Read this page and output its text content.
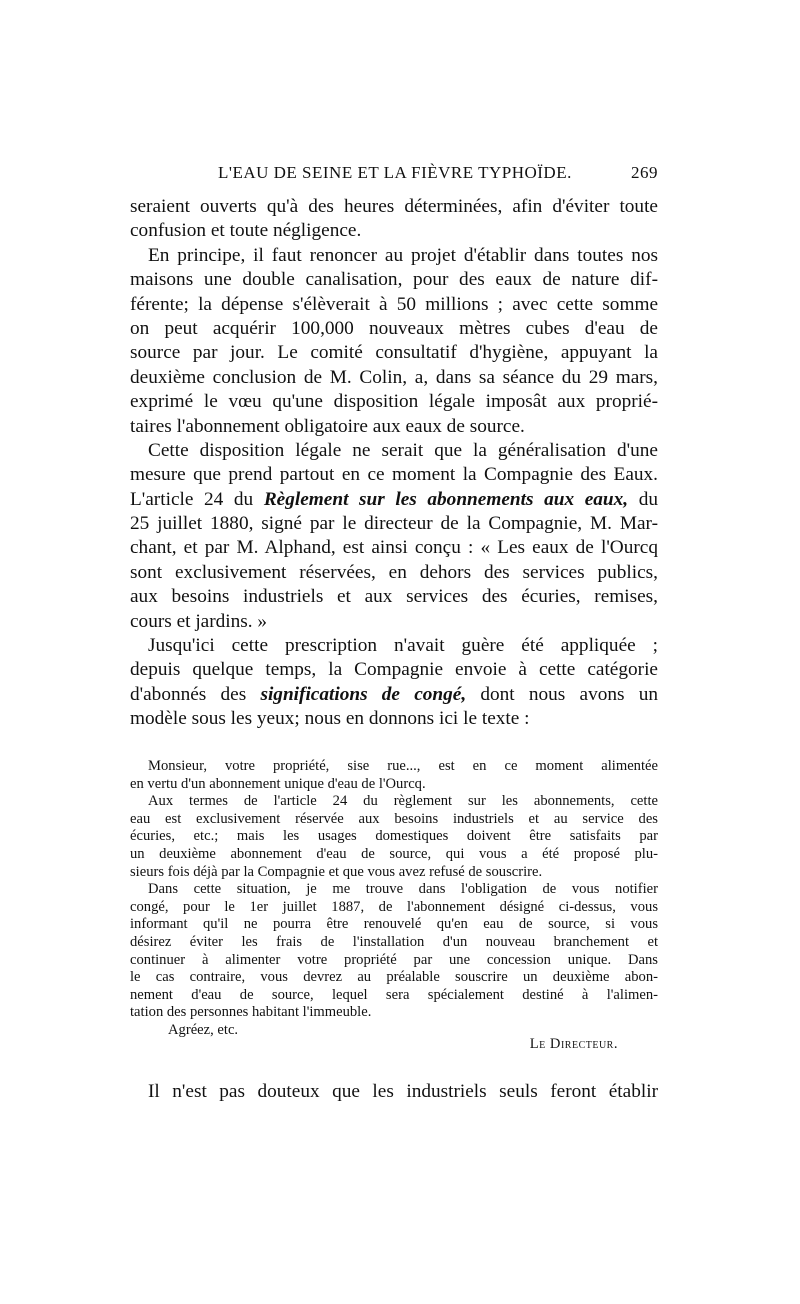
L'EAU DE SEINE ET LA FIÈVRE TYPHOÏDE.	269
seraient ouverts qu'à des heures déterminées, afin d'éviter toute
confusion et toute négligence.
En principe, il faut renoncer au projet d'établir dans toutes nos
maisons une double canalisation, pour des eaux de nature dif-
férente; la dépense s'élèverait à 50 millions ; avec cette somme
on peut acquérir 100,000 nouveaux mètres cubes d'eau de
source par jour. Le comité consultatif d'hygiène, appuyant la
deuxième conclusion de M. Colin, a, dans sa séance du 29 mars,
exprimé le vœu qu'une disposition légale imposât aux proprié-
taires l'abonnement obligatoire aux eaux de source.
Cette disposition légale ne serait que la généralisation d'une
mesure que prend partout en ce moment la Compagnie des Eaux.
L'article 24 du Règlement sur les abonnements aux eaux, du
25 juillet 1880, signé par le directeur de la Compagnie, M. Mar-
chant, et par M. Alphand, est ainsi conçu : « Les eaux de l'Ourcq
sont exclusivement réservées, en dehors des services publics,
aux besoins industriels et aux services des écuries, remises,
cours et jardins. »
Jusqu'ici cette prescription n'avait guère été appliquée ;
depuis quelque temps, la Compagnie envoie à cette catégorie
d'abonnés des significations de congé, dont nous avons un
modèle sous les yeux; nous en donnons ici le texte :
Monsieur, votre propriété, sise rue..., est en ce moment alimentée
en vertu d'un abonnement unique d'eau de l'Ourcq.
Aux termes de l'article 24 du règlement sur les abonnements, cette
eau est exclusivement réservée aux besoins industriels et au service des
écuries, etc.; mais les usages domestiques doivent être satisfaits par
un deuxième abonnement d'eau de source, qui vous a été proposé plu-
sieurs fois déjà par la Compagnie et que vous avez refusé de souscrire.
Dans cette situation, je me trouve dans l'obligation de vous notifier
congé, pour le 1er juillet 1887, de l'abonnement désigné ci-dessus, vous
informant qu'il ne pourra être renouvelé qu'en eau de source, si vous
désirez éviter les frais de l'installation d'un nouveau branchement et
continuer à alimenter votre propriété par une concession unique. Dans
le cas contraire, vous devrez au préalable souscrire un deuxième abon-
nement d'eau de source, lequel sera spécialement destiné à l'alimen-
tation des personnes habitant l'immeuble.
Agréez, etc.
Le Directeur.
Il n'est pas douteux que les industriels seuls feront établir
